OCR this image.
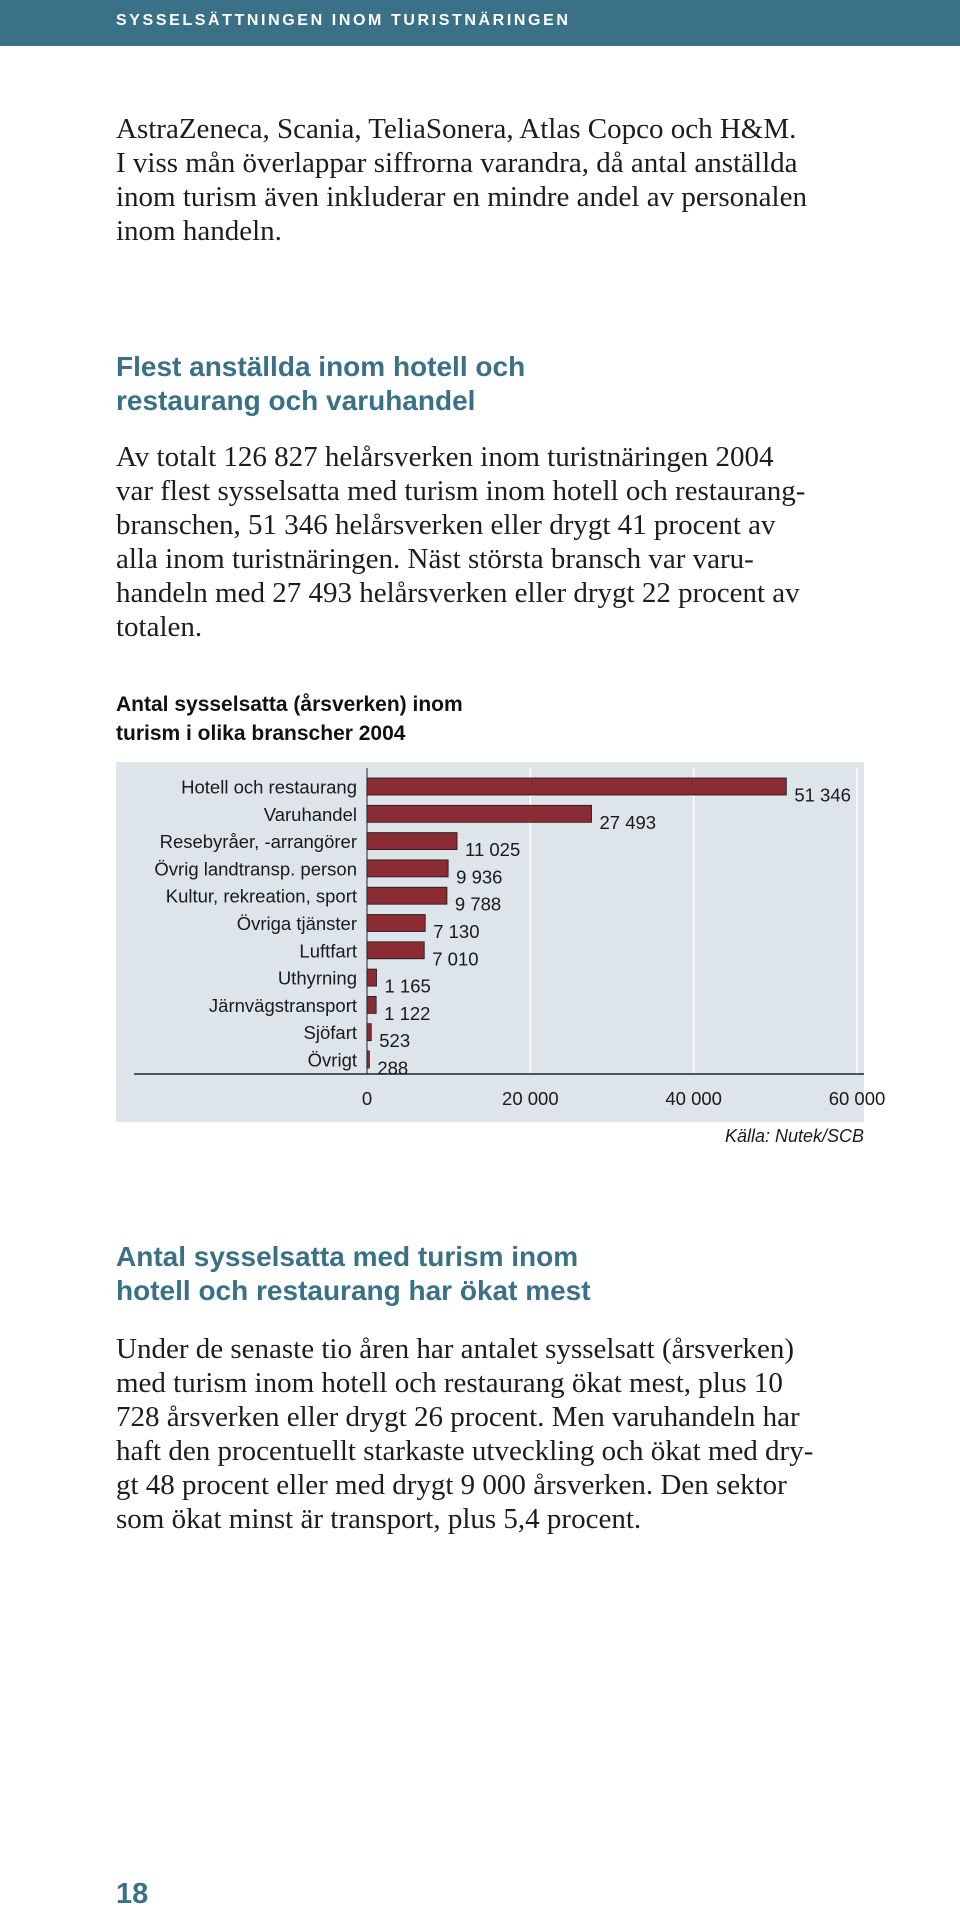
SYSSELSÄTTNINGEN INOM TURISTNÄRINGEN

AstraZeneca, Scania, TeliaSonera, Atlas Copco och H&M.

I viss mån överlappar siffrorna varandra, då antal anställda

inom turism även inkluderar en mindre andel av personalen

inom handeln.

Flest anställda inom hotell och
restaurang och varuhandel

Av totalt 126 827 helårsverken inom turistnäringen 2004

var flest sysselsatta med turism inom hotell och restaurang-

branschen, 51 346 helårsverken eller drygt 41 procent av

alla inom turistnäringen. Näst största bransch var varu-

handeln med 27 493 helårsverken eller drygt 22 procent av

totalen.

Antal sysselsatta (årsverken) inom
turism i olika branscher 2004
Hotell och restaurang	51 346
Varuhandel	27 493
Resebyråer, -arrangörer	11 025
Övrig landtransp. person	9 936
Kultur, rekreation, sport	9 788
Övriga tjänster	7 130
Luftfart	7 010
Uthyrning 1 165
Järnvägstransport 1 122
Sjöfart 523
Övrigt 288
0	20 000	40 000	60 000
Källa: Nutek/SCB
Antal sysselsatta med turism inom
hotell och restaurang har ökat mest

Under de senaste tio åren har antalet sysselsatt (årsverken)

med turism inom hotell och restaurang ökat mest, plus 10

728 årsverken eller drygt 26 procent. Men varuhandeln har

haft den procentuellt starkaste utveckling och ökat med dry-

gt 48 procent eller med drygt 9 000 årsverken. Den sektor

som ökat minst är transport, plus 5,4 procent.

18
